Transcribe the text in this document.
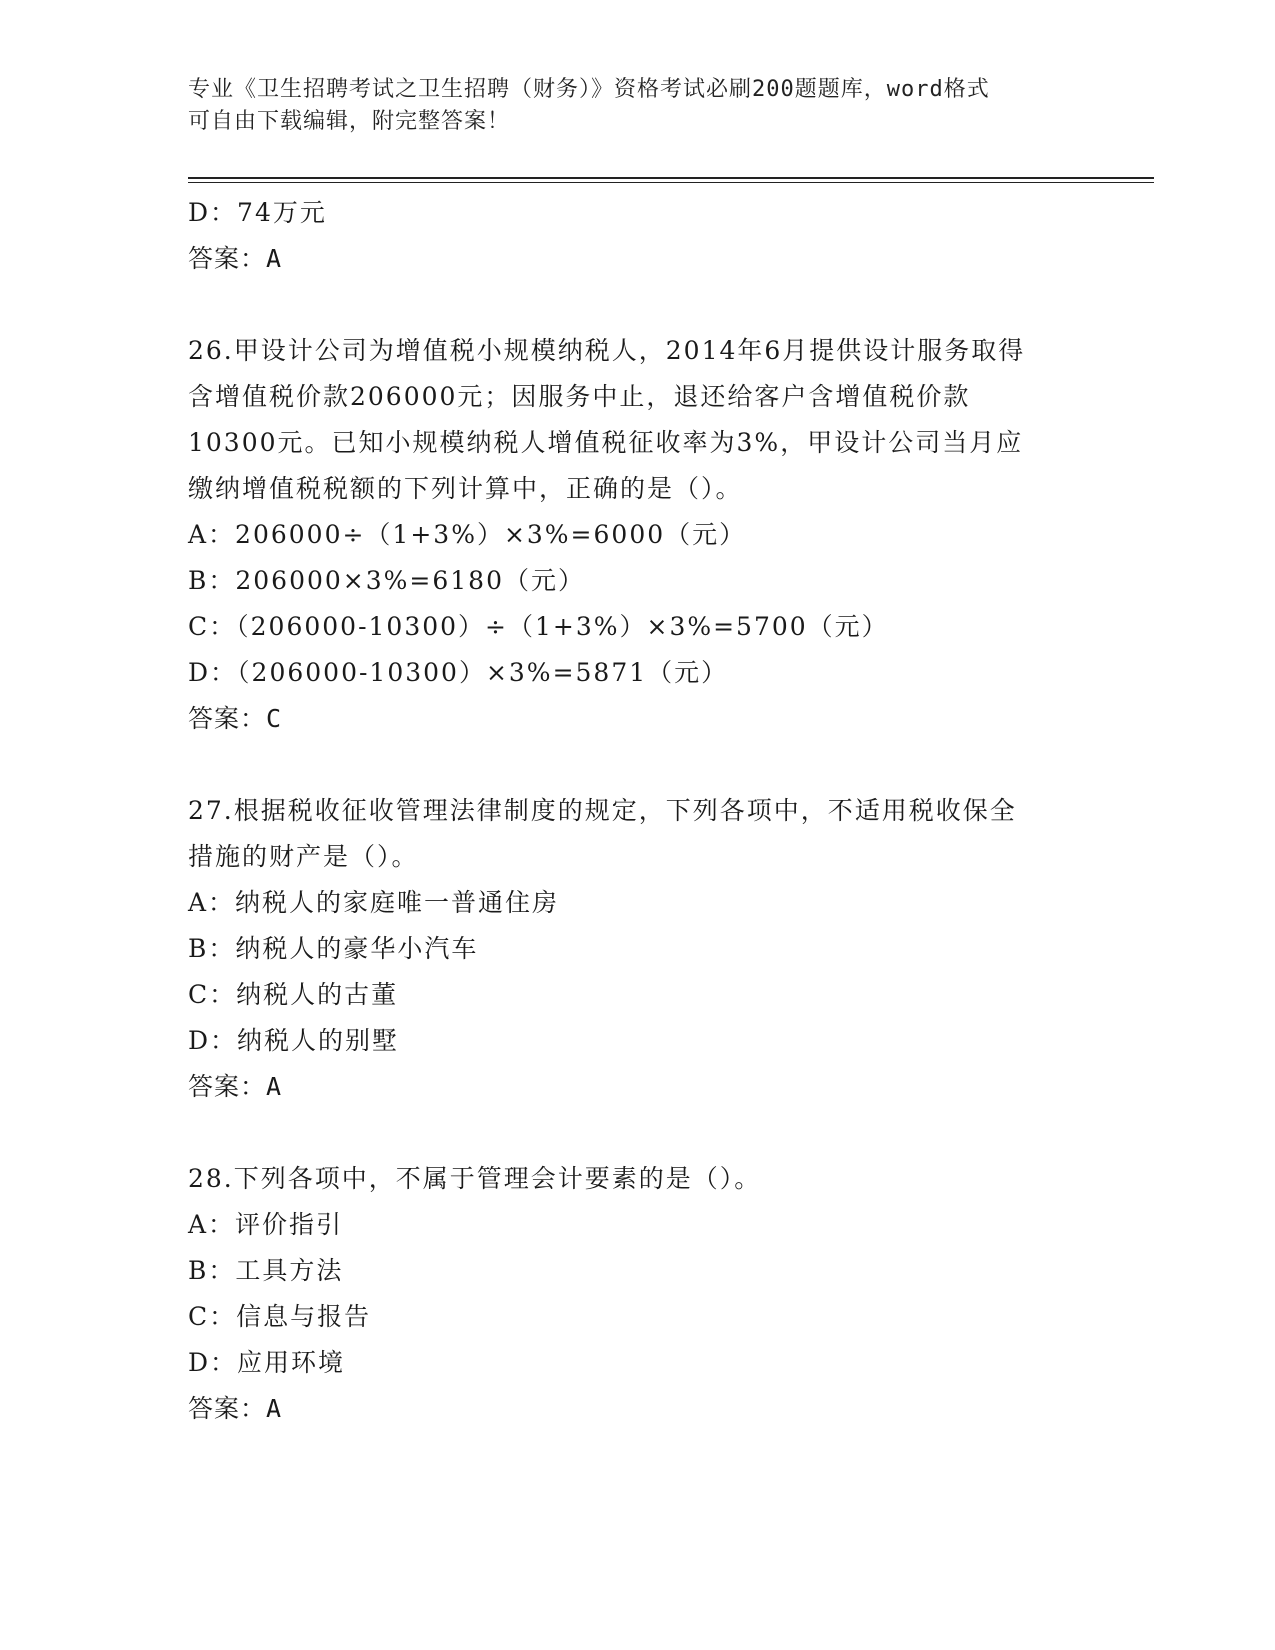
专业《卫生招聘考试之卫生招聘（财务）》资格考试必刷200题题库，word格式
可自由下载编辑，附完整答案！
D：74万元
答案：A
26.甲设计公司为增值税小规模纳税人，2014年6月提供设计服务取得
含增值税价款206000元；因服务中止，退还给客户含增值税价款
10300元。已知小规模纳税人增值税征收率为3%，甲设计公司当月应
缴纳增值税税额的下列计算中，正确的是（）。
A：206000÷（1+3%）×3%=6000（元）
B：206000×3%=6180（元）
C：（206000-10300）÷（1+3%）×3%=5700（元）
D：（206000-10300）×3%=5871（元）
答案：C
27.根据税收征收管理法律制度的规定，下列各项中，不适用税收保全
措施的财产是（）。
A：纳税人的家庭唯一普通住房
B：纳税人的豪华小汽车
C：纳税人的古董
D：纳税人的别墅
答案：A
28.下列各项中，不属于管理会计要素的是（）。
A：评价指引
B：工具方法
C：信息与报告
D：应用环境
答案：A
